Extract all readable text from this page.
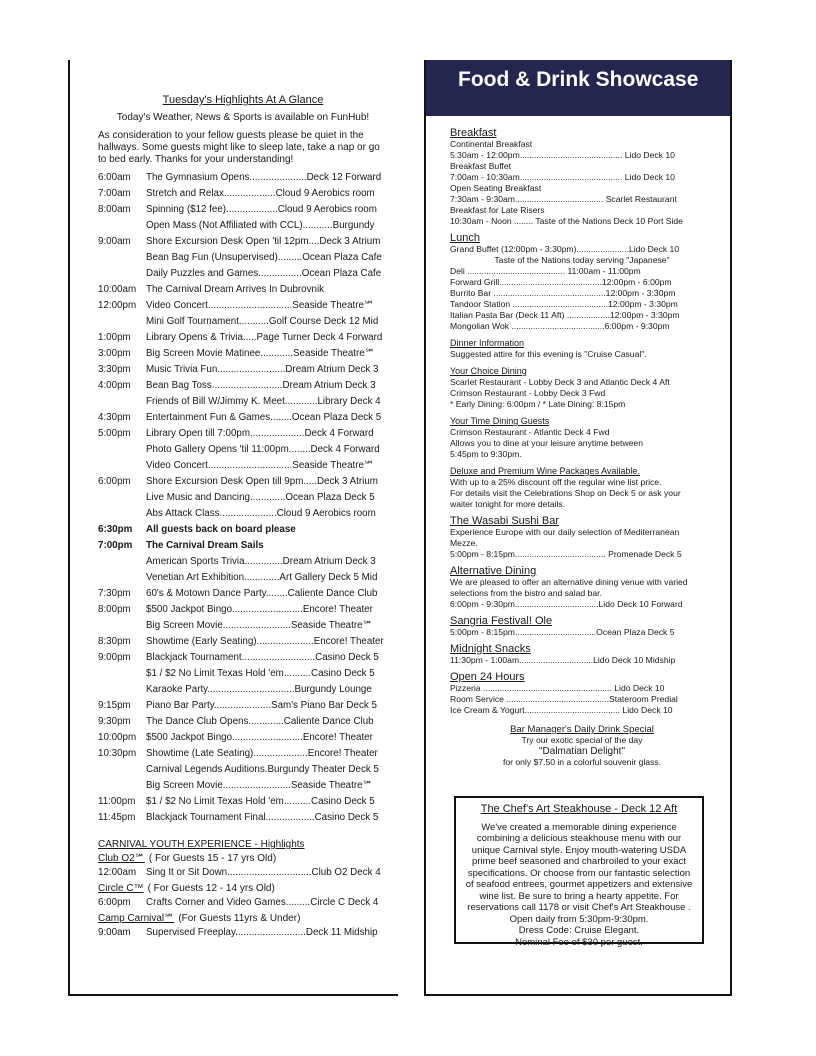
Tuesday's Highlights At A Glance
Today's Weather, News & Sports is available on FunHub!
As consideration to your fellow guests please be quiet in the hallways. Some guests might like to sleep late, take a nap or go to bed early. Thanks for your understanding!
6:00am	The Gymnasium Opens.....................Deck 12 Forward
7:00am	Stretch and Relax...................Cloud 9 Aerobics room
8:00am	Spinning ($12 fee)...................Cloud 9 Aerobics room
Open Mass (Not Affiliated with CCL)...........Burgundy
9:00am	Shore Excursion Desk Open 'til 12pm....Deck 3 Atrium
Bean Bag Fun (Unsupervised).........Ocean Plaza Cafe
Daily Puzzles and Games................Ocean Plaza Cafe
10:00am	The Carnival Dream Arrives In Dubrovnik
12:00pm	Video Concert...............................Seaside Theatre℠
Mini Golf Tournament...........Golf Course Deck 12 Mid
1:00pm	Library Opens & Trivia.....Page Turner Deck 4 Forward
3:00pm	Big Screen Movie Matinee............Seaside Theatre℠
3:30pm	Music Trivia Fun.........................Dream Atrium Deck 3
4:00pm	Bean Bag Toss..........................Dream Atrium Deck 3
Friends of Bill W/Jimmy K. Meet............Library Deck 4
4:30pm	Entertainment Fun & Games........Ocean Plaza Deck 5
5:00pm	Library Open till 7:00pm....................Deck 4 Forward
Photo Gallery Opens 'til 11:00pm........Deck 4 Forward
Video Concert...............................Seaside Theatre℠
6:00pm	Shore Excursion Desk Open till 9pm.....Deck 3 Atrium
Live Music and Dancing.............Ocean Plaza Deck 5
Abs Attack Class.....................Cloud 9 Aerobics room
6:30pm	All guests back on board please
7:00pm	The Carnival Dream Sails
American Sports Trivia..............Dream Atrium Deck 3
Venetian Art Exhibition.............Art Gallery Deck 5 Mid
7:30pm	60's & Motown Dance Party........Caliente Dance Club
8:00pm	$500 Jackpot Bingo..........................Encore! Theater
Big Screen Movie.........................Seaside Theatre℠
8:30pm	Showtime (Early Seating).....................Encore! Theater
9:00pm	Blackjack Tournament...........................Casino Deck 5
$1 / $2 No Limit Texas Hold 'em..........Casino Deck 5
Karaoke Party................................Burgundy Lounge
9:15pm	Piano Bar Party.....................Sam's Piano Bar Deck 5
9:30pm	The Dance Club Opens.............Caliente Dance Club
10:00pm	$500 Jackpot Bingo..........................Encore! Theater
10:30pm	Showtime (Late Seating)....................Encore! Theater
Carnival Legends Auditions.Burgundy Theater Deck 5
Big Screen Movie.........................Seaside Theatre℠
11:00pm	$1 / $2 No Limit Texas Hold 'em..........Casino Deck 5
11:45pm	Blackjack Tournament Final..................Casino Deck 5
CARNIVAL YOUTH EXPERIENCE - Highlights
Club O2℠ ( For Guests 15 - 17 yrs Old)
12:00am	Sing It or Sit Down...............................Club O2 Deck 4
Circle C™ ( For Guests 12 - 14 yrs Old)
6:00pm	Crafts Corner and Video Games.........Circle C Deck 4
Camp Carnival℠ (For Guests 11yrs & Under)
9:00am	Supervised Freeplay..........................Deck 11 Midship
Food & Drink Showcase
Breakfast
Continental Breakfast
5:30am - 12:00pm........................................... Lido Deck 10
Breakfast Buffet
7:00am - 10:30am........................................... Lido Deck 10
Open Seating Breakfast
7:30am - 9:30am..................................... Scarlet Restaurant
Breakfast for Late Risers
10:30am - Noon ........ Taste of the Nations Deck 10 Port Side
Lunch
Grand Buffet (12:00pm - 3:30pm)......................Lido Deck 10
Taste of the Nations today serving "Japanese"
Deli ......................................... 11:00am - 11:00pm
Forward Grill...........................................12:00pm - 6:00pm
Burrito Bar ...............................................12:00pm - 3:30pm
Tandoor Station ........................................12:00pm - 3:30pm
Italian Pasta Bar (Deck 11 Aft) ..................12:00pm - 3:30pm
Mongolian Wok .......................................6:00pm - 9:30pm
Dinner Information
Suggested attire for this evening is "Cruise Casual".
Your Choice Dining
Scarlet Restaurant - Lobby Deck 3 and Atlantic Deck 4 Aft
Crimson Restaurant - Lobby Deck 3 Fwd
* Early Dining: 6:00pm / * Late Dining: 8:15pm
Your Time Dining Guests
Crimson Restaurant - Atlantic Deck 4 Fwd
Allows you to dine at your leisure anytime between
5:45pm to 9:30pm.
Deluxe and Premium Wine Packages Available.
With up to a 25% discount off the regular wine list price.
For details visit the Celebrations Shop on Deck 5 or ask your
waiter tonight for more details.
The Wasabi Sushi Bar
Experience Europe with our daily selection of Mediterranean
Mezze.
5:00pm - 8:15pm...................................... Promenade Deck 5
Alternative Dining
We are pleased to offer an alternative dining venue with varied
selections from the bistro and salad bar.
6:00pm - 9:30pm...................................Lido Deck 10 Forward
Sangria Festival! Ole
5:00pm - 8:15pm..................................Ocean Plaza Deck 5
Midnight Snacks
11:30pm - 1:00am...............................Lido Deck 10 Midship
Open 24 Hours
Pizzeria ...................................................... Lido Deck 10
Room Service ...........................................Stateroom Predial
Ice Cream & Yogurt........................................ Lido Deck 10
Bar Manager's Daily Drink Special
Try our exotic special of the day
"Dalmatian Delight"
for only $7.50 in a colorful souvenir glass.
The Chef's Art Steakhouse - Deck 12 Aft
We've created a memorable dining experience combining a delicious steakhouse menu with our unique Carnival style. Enjoy mouth-watering USDA prime beef seasoned and charbroiled to your exact specifications. Or choose from our fantastic selection of seafood entrees, gourmet appetizers and extensive wine list. Be sure to bring a hearty appetite. For reservations call 1178 or visit Chef's Art Steakhouse . Open daily from 5:30pm-9:30pm.
Dress Code: Cruise Elegant.
Nominal Fee of $30 per guest.
